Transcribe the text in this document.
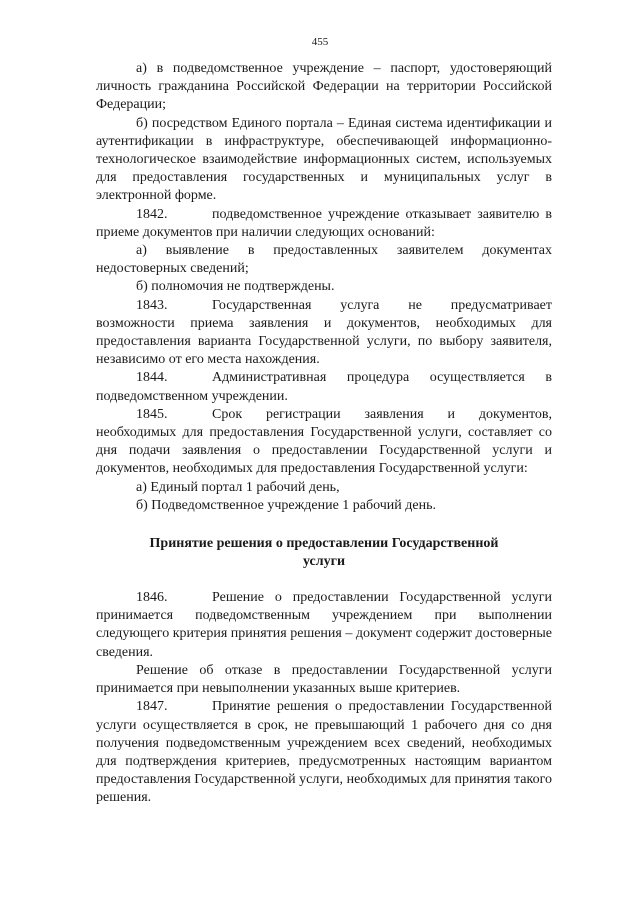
455

а) в подведомственное учреждение – паспорт, удостоверяющий личность гражданина Российской Федерации на территории Российской Федерации;

б) посредством Единого портала – Единая система идентификации и аутентификации в инфраструктуре, обеспечивающей информационно-технологическое взаимодействие информационных систем, используемых для предоставления государственных и муниципальных услуг в электронной форме.

1842.	подведомственное учреждение отказывает заявителю в приеме документов при наличии следующих оснований:

а) выявление в предоставленных заявителем документах недостоверных сведений;

б) полномочия не подтверждены.

1843.	Государственная услуга не предусматривает возможности приема заявления и документов, необходимых для предоставления варианта Государственной услуги, по выбору заявителя, независимо от его места нахождения.

1844.	Административная процедура осуществляется в подведомственном учреждении.

1845.	Срок регистрации заявления и документов, необходимых для предоставления Государственной услуги, составляет со дня подачи заявления о предоставлении Государственной услуги и документов, необходимых для предоставления Государственной услуги:

а) Единый портал 1 рабочий день,

б) Подведомственное учреждение 1 рабочий день.

Принятие решения о предоставлении Государственной услуги

1846.	Решение о предоставлении Государственной услуги принимается подведомственным учреждением при выполнении следующего критерия принятия решения – документ содержит достоверные сведения.

Решение об отказе в предоставлении Государственной услуги принимается при невыполнении указанных выше критериев.

1847.	Принятие решения о предоставлении Государственной услуги осуществляется в срок, не превышающий 1 рабочего дня со дня получения подведомственным учреждением всех сведений, необходимых для подтверждения критериев, предусмотренных настоящим вариантом предоставления Государственной услуги, необходимых для принятия такого решения.
